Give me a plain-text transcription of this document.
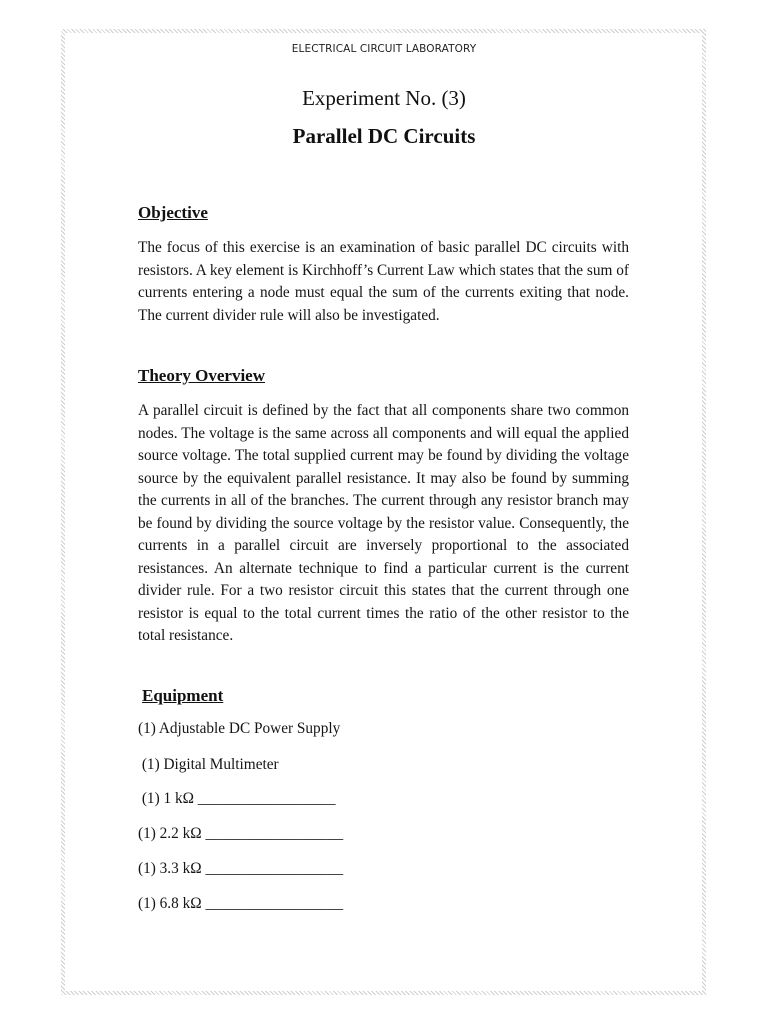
ELECTRICAL CIRCUIT LABORATORY
Experiment No. (3)
Parallel DC Circuits
Objective
The focus of this exercise is an examination of basic parallel DC circuits with resistors. A key element is Kirchhoff’s Current Law which states that the sum of currents entering a node must equal the sum of the currents exiting that node. The current divider rule will also be investigated.
Theory Overview
A parallel circuit is defined by the fact that all components share two common nodes. The voltage is the same across all components and will equal the applied source voltage. The total supplied current may be found by dividing the voltage source by the equivalent parallel resistance. It may also be found by summing the currents in all of the branches. The current through any resistor branch may be found by dividing the source voltage by the resistor value. Consequently, the currents in a parallel circuit are inversely proportional to the associated resistances. An alternate technique to find a particular current is the current divider rule. For a two resistor circuit this states that the current through one resistor is equal to the total current times the ratio of the other resistor to the total resistance.
Equipment
(1) Adjustable DC Power Supply
(1) Digital Multimeter
(1) 1 kΩ __________________
(1) 2.2 kΩ __________________
(1) 3.3 kΩ __________________
(1) 6.8 kΩ __________________
